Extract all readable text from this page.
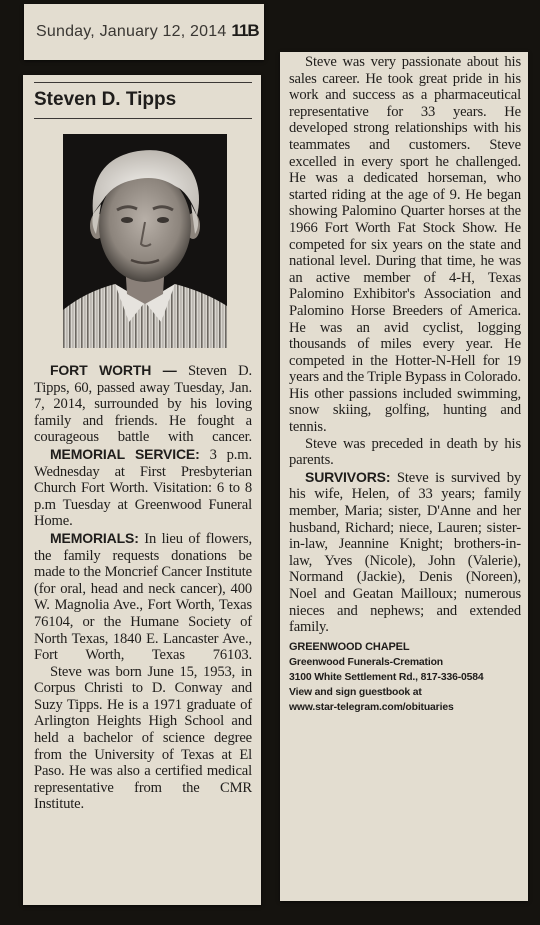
Sunday, January 12, 2014 11B
Steven D. Tipps
FORT WORTH — Steven D. Tipps, 60, passed away Tuesday, Jan. 7, 2014, surrounded by his loving family and friends. He fought a courageous battle with cancer.
MEMORIAL SERVICE: 3 p.m. Wednesday at First Presbyterian Church Fort Worth. Visitation: 6 to 8 p.m Tuesday at Greenwood Funeral Home.
MEMORIALS: In lieu of flowers, the family requests donations be made to the Moncrief Cancer Institute (for oral, head and neck cancer), 400 W. Magnolia Ave., Fort Worth, Texas 76104, or the Humane Society of North Texas, 1840 E. Lancaster Ave., Fort Worth, Texas 76103.
Steve was born June 15, 1953, in Corpus Christi to D. Conway and Suzy Tipps. He is a 1971 graduate of Arlington Heights High School and held a bachelor of science degree from the University of Texas at El Paso. He was also a certified medical representative from the CMR Institute.
Steve was very passionate about his sales career. He took great pride in his work and success as a pharmaceutical representative for 33 years. He developed strong relationships with his teammates and customers. Steve excelled in every sport he challenged. He was a dedicated horseman, who started riding at the age of 9. He began showing Palomino Quarter horses at the 1966 Fort Worth Fat Stock Show. He competed for six years on the state and national level. During that time, he was an active member of 4-H, Texas Palomino Exhibitor's Association and Palomino Horse Breeders of America. He was an avid cyclist, logging thousands of miles every year. He competed in the Hotter-N-Hell for 19 years and the Triple Bypass in Colorado. His other passions included swimming, snow skiing, golfing, hunting and tennis.
Steve was preceded in death by his parents.
SURVIVORS: Steve is survived by his wife, Helen, of 33 years; family member, Maria; sister, D'Anne and her husband, Richard; niece, Lauren; sister-in-law, Jeannine Knight; brothers-in-law, Yves (Nicole), John (Valerie), Normand (Jackie), Denis (Noreen), Noel and Geatan Mailloux; numerous nieces and nephews; and extended family.
GREENWOOD CHAPEL
Greenwood Funerals-Cremation
3100 White Settlement Rd., 817-336-0584
View and sign guestbook at
www.star-telegram.com/obituaries
